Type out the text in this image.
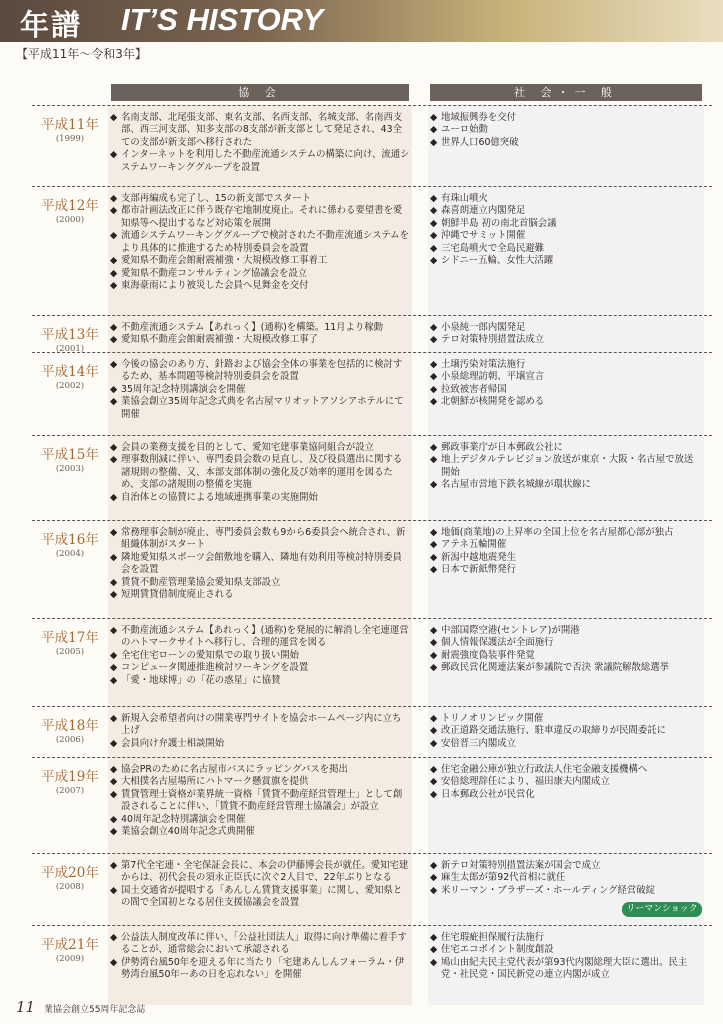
年譜 IT’S HISTORY
【平成11年〜令和3年】
協 会	社 会・一 般
平成11年
(1999)
◆ 名南支部、北尾張支部、東名支部、名西支部、名城支部、名南西支部、西三河支部、知多支部の8支部が新支部として発足され、43全ての支部が新支部へ移行された
◆ インターネットを利用した不動産流通システムの構築に向け、流通システムワーキンググループを設置
◆ 地域振興券を交付
◆ ユーロ始動
◆ 世界人口60億突破
平成12年
(2000)
◆ 支部再編成も完了し、15の新支部でスタート
◆ 都市計画法改正に伴う既存宅地制度廃止。それに係わる要望書を愛知県等へ提出するなど対応策を展開
◆ 流通システムワーキンググループで検討された不動産流通システムをより具体的に推進するため特別委員会を設置
◆ 愛知県不動産会館耐震補強・大規模改修工事着工
◆ 愛知県不動産コンサルティング協議会を設立
◆ 東海豪雨により被災した会員へ見舞金を交付
◆ 有珠山噴火
◆ 森喜朗連立内閣発足
◆ 朝鮮半島 初の南北首脳会議
◆ 沖縄でサミット開催
◆ 三宅島噴火で全島民避難
◆ シドニー五輪、女性大活躍
平成13年
(2001)
◆ 不動産流通システム【あれっく】(通称)を構築。11月より稼動
◆ 愛知県不動産会館耐震補強・大規模改修工事了
◆ 小泉純一郎内閣発足
◆ テロ対策特別措置法成立
平成14年
(2002)
◆ 今後の協会のあり方、針路および協会全体の事業を包括的に検討するため、基本問題等検討特別委員会を設置
◆ 35周年記念特別講演会を開催
◆ 業協会創立35周年記念式典を名古屋マリオットアソシアホテルにて開催
◆ 土壌汚染対策法施行
◆ 小泉総理訪朝、平壌宣言
◆ 拉致被害者帰国
◆ 北朝鮮が核開発を認める
平成15年
(2003)
◆ 会員の業務支援を目的として、愛知宅建事業協同組合が設立
◆ 理事数削減に伴い、専門委員会数の見直し、及び役員選出に関する諸規則の整備、又、本部支部体制の強化及び効率的運用を図るため、支部の諸規則の整備を実施
◆ 自治体との協賛による地域連携事業の実施開始
◆ 郵政事業庁が日本郵政公社に
◆ 地上デジタルテレビジョン放送が東京・大阪・名古屋で放送開始
◆ 名古屋市営地下鉄名城線が環状線に
平成16年
(2004)
◆ 常務理事会制が廃止、専門委員会数も9から6委員会へ統合され、新組織体制がスタート
◆ 隣地愛知県スポーツ会館敷地を購入、隣地有効利用等検討特別委員会を設置
◆ 賃貸不動産管理業協会愛知県支部設立
◆ 短期賃貸借制度廃止される
◆ 地価(商業地)の上昇率の全国上位を名古屋都心部が独占
◆ アテネ五輪開催
◆ 新潟中越地震発生
◆ 日本で新紙幣発行
平成17年
(2005)
◆ 不動産流通システム【あれっく】(通称)を発展的に解消し全宅連運営のハトマークサイトへ移行し、合理的運営を図る
◆ 全宅住宅ローンの愛知県での取り扱い開始
◆ コンピュータ関連推進検討ワーキングを設置
◆ 「愛・地球博」の「花の惑星」に協賛
◆ 中部国際空港(セントレア)が開港
◆ 個人情報保護法が全面施行
◆ 耐震強度偽装事件発覚
◆ 郵政民営化関連法案が参議院で否決 衆議院解散総選挙
平成18年
(2006)
◆ 新規入会希望者向けの開業専門サイトを協会ホームページ内に立ち上げ
◆ 会員向け弁護士相談開始
◆ トリノオリンピック開催
◆ 改正道路交通法施行、駐車違反の取締りが民間委託に
◆ 安倍晋三内閣成立
平成19年
(2007)
◆ 協会PRのために名古屋市バスにラッピングバスを掲出
◆ 大相撲名古屋場所にハトマーク懸賞旗を提供
◆ 賃貸管理士資格が業界統一資格「賃貸不動産経営管理士」として創設されることに伴い、「賃貸不動産経営管理士協議会」が設立
◆ 40周年記念特別講演会を開催
◆ 業協会創立40周年記念式典開催
◆ 住宅金融公庫が独立行政法人住宅金融支援機構へ
◆ 安倍総理辞任により、福田康夫内閣成立
◆ 日本郵政公社が民営化
平成20年
(2008)
◆ 第7代全宅連・全宅保証会長に、本会の伊藤博会長が就任。愛知宅建からは、初代会長の須永正臣氏に次ぐ2人目で、22年ぶりとなる
◆ 国土交通省が提唱する「あんしん賃貸支援事業」に関し、愛知県との間で全国初となる居住支援協議会を設置
◆ 新テロ対策特別措置法案が国会で成立
◆ 麻生太郎が第92代首相に就任
◆ 米リーマン・ブラザーズ・ホールディング経営破綻
平成21年
(2009)
◆ 公益法人制度改革に伴い、「公益社団法人」取得に向け準備に着手することが、通常総会において承認される
◆ 伊勢湾台風50年を迎える年に当たり「宅建あんしんフォーラム・伊勢湾台風50年ーあの日を忘れない」を開催
◆ 住宅瑕疵担保履行法施行
◆ 住宅エコポイント制度創設
◆ 鳩山由紀夫民主党代表が第93代内閣総理大臣に選出。民主党・社民党・国民新党の連立内閣が成立
リーマンショック
11 業協会創立55周年記念誌
